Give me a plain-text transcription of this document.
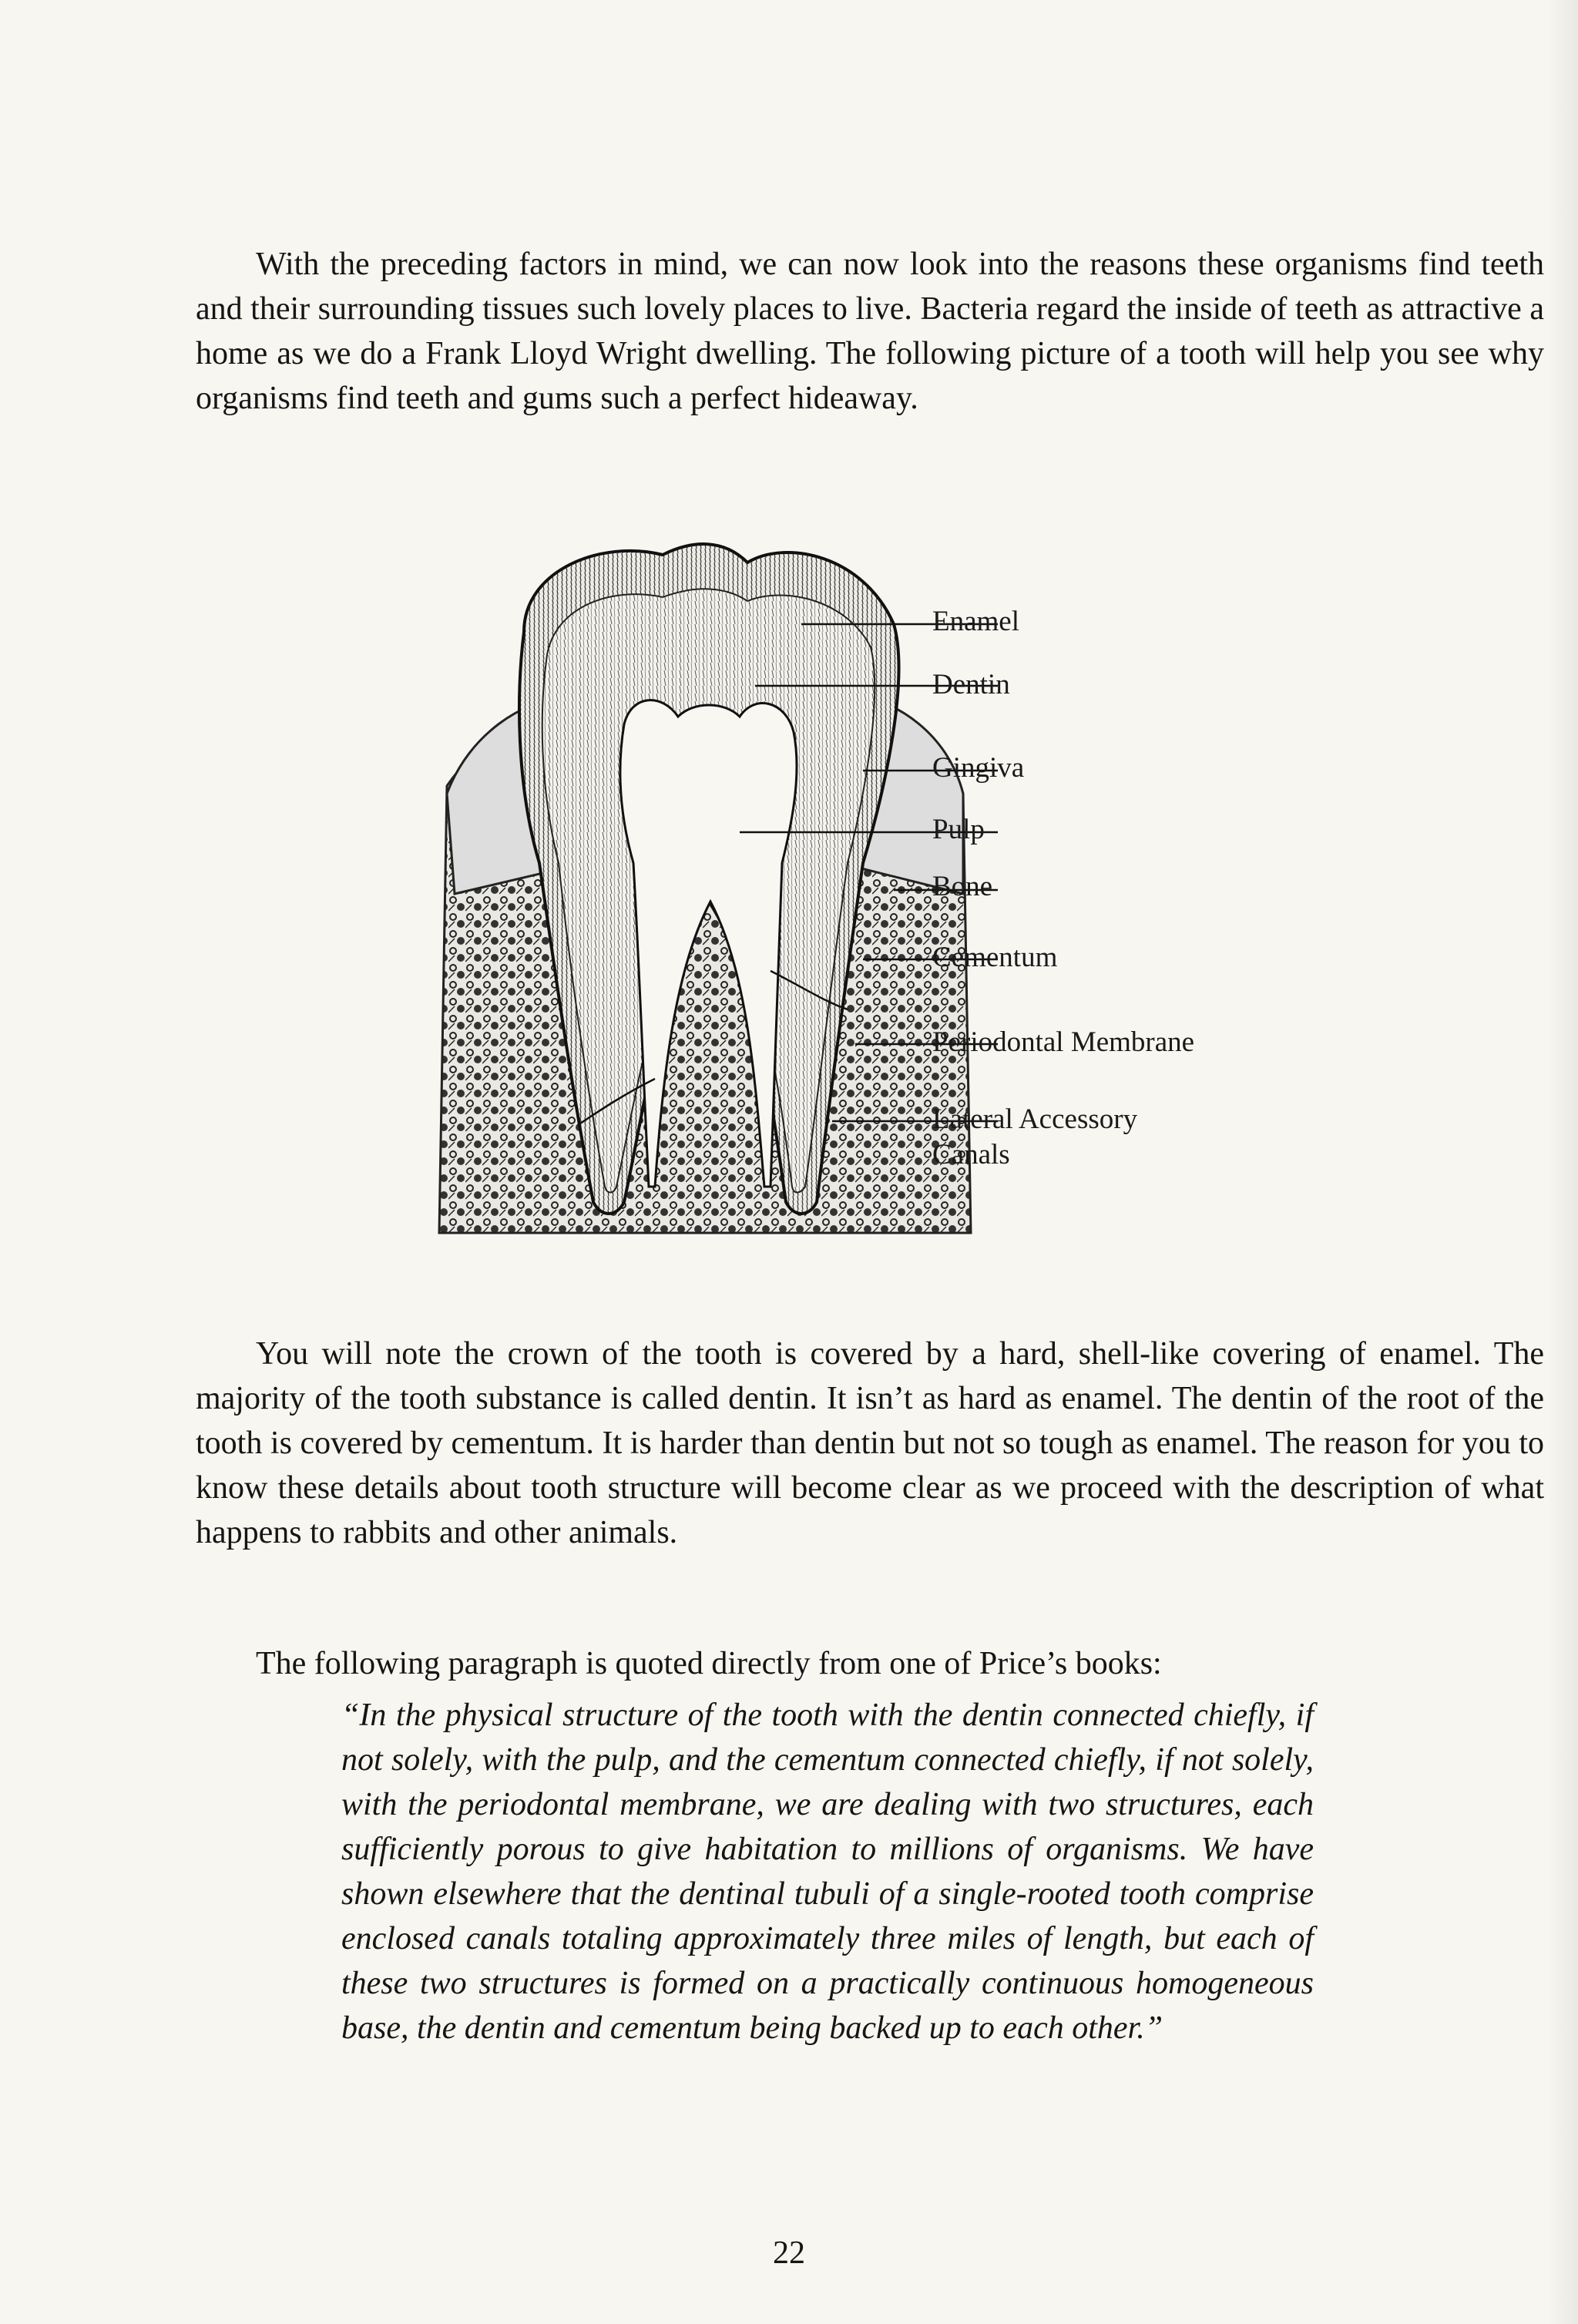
With the preceding factors in mind, we can now look into the reasons these organisms find teeth and their surrounding tissues such lovely places to live. Bacteria regard the inside of teeth as attractive a home as we do a Frank Lloyd Wright dwelling. The following picture of a tooth will help you see why organisms find teeth and gums such a perfect hideaway.

Enamel
Dentin
Gingiva
Pulp
Bone
Cementum
Periodontal Membrane
Lateral Accessory
Canals

You will note the crown of the tooth is covered by a hard, shell-like covering of enamel. The majority of the tooth substance is called dentin. It isn’t as hard as enamel. The dentin of the root of the tooth is covered by cementum. It is harder than dentin but not so tough as enamel. The reason for you to know these details about tooth structure will become clear as we proceed with the description of what happens to rabbits and other animals.

The following paragraph is quoted directly from one of Price’s books:

“In the physical structure of the tooth with the dentin connected chiefly, if not solely, with the pulp, and the cementum connected chiefly, if not solely, with the periodontal membrane, we are dealing with two structures, each sufficiently porous to give habitation to millions of organisms. We have shown elsewhere that the dentinal tubuli of a single-rooted tooth comprise enclosed canals totaling approximately three miles of length, but each of these two structures is formed on a practically continuous homogeneous base, the dentin and cementum being backed up to each other.”

22
